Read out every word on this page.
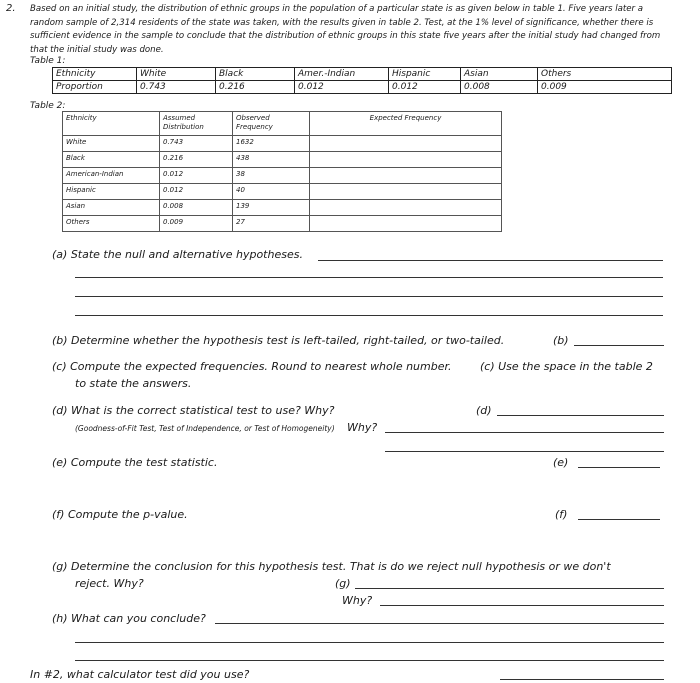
2. Based on an initial study, the distribution of ethnic groups in the population of a particular state is as given below in table 1. Five years later a random sample of 2,314 residents of the state was taken, with the results given in table 2. Test, at the 1% level of significance, whether there is sufficient evidence in the sample to conclude that the distribution of ethnic groups in this state five years after the initial study had changed from that the initial study was done.
Table 1:
Ethnicity	White	Black	Amer.-Indian	Hispanic	Asian	Others
Proportion	0.743	0.216	0.012	0.012	0.008	0.009
Table 2:
Ethnicity	Assumed Distribution	Observed Frequency	Expected Frequency
White	0.743	1632	
Black	0.216	438	
American-Indian	0.012	38	
Hispanic	0.012	40	
Asian	0.008	139	
Others	0.009	27	
(a) State the null and alternative hypotheses.
(b) Determine whether the hypothesis test is left-tailed, right-tailed, or two-tailed.	(b)
(c) Compute the expected frequencies. Round to nearest whole number.	(c) Use the space in the table 2
to state the answers.
(d) What is the correct statistical test to use? Why?	(d)
(Goodness-of-Fit Test, Test of Independence, or Test of Homogeneity) Why?
(e) Compute the test statistic.	(e)
(f) Compute the p-value.	(f)
(g) Determine the conclusion for this hypothesis test. That is do we reject null hypothesis or we don't
reject. Why?	(g)
Why?
(h) What can you conclude?
In #2, what calculator test did you use?
